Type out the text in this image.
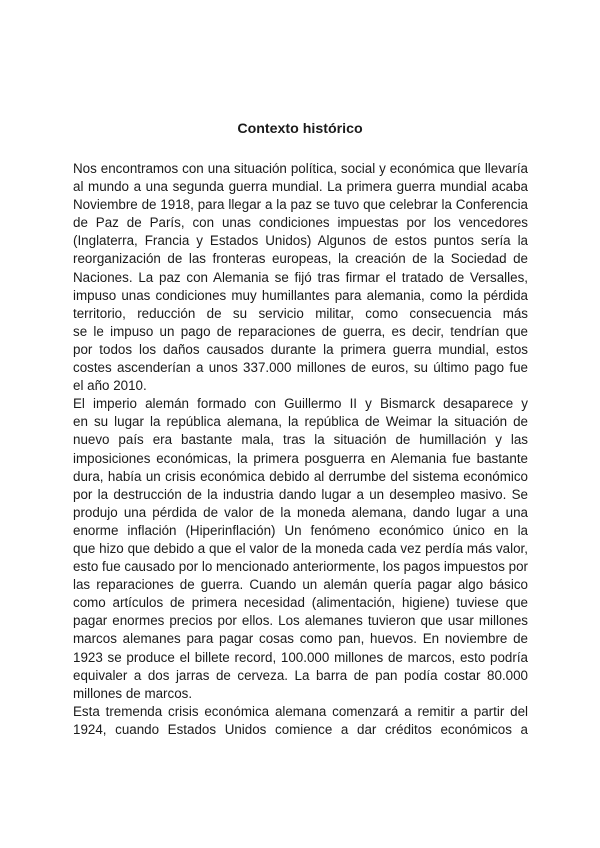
Contexto histórico
Nos encontramos con una situación política, social y económica que llevaría
al mundo a una segunda guerra mundial. La primera guerra mundial acaba
Noviembre de 1918, para llegar a la paz se tuvo que celebrar la Conferencia
de Paz de París, con unas condiciones impuestas por los vencedores
(Inglaterra, Francia y Estados Unidos) Algunos de estos puntos sería la
reorganización de las fronteras europeas, la creación de la Sociedad de
Naciones. La paz con Alemania se fijó tras firmar el tratado de Versalles,
impuso unas condiciones muy humillantes para alemania, como la pérdida
territorio, reducción de su servicio militar, como consecuencia más
se le impuso un pago de reparaciones de guerra, es decir, tendrían que
por todos los daños causados durante la primera guerra mundial, estos
costes ascenderían a unos 337.000 millones de euros, su último pago fue
el año 2010.
El imperio alemán formado con Guillermo II y Bismarck desaparece y
en su lugar la república alemana, la república de Weimar la situación de
nuevo país era bastante mala, tras la situación de humillación y las
imposiciones económicas, la primera posguerra en Alemania fue bastante
dura, había un crisis económica debido al derrumbe del sistema económico
por la destrucción de la industria dando lugar a un desempleo masivo. Se
produjo una pérdida de valor de la moneda alemana, dando lugar a una
enorme inflación (Hiperinflación) Un fenómeno económico único en la
que hizo que debido a que el valor de la moneda cada vez perdía más valor,
esto fue causado por lo mencionado anteriormente, los pagos impuestos por
las reparaciones de guerra. Cuando un alemán quería pagar algo básico
como artículos de primera necesidad (alimentación, higiene) tuviese que
pagar enormes precios por ellos. Los alemanes tuvieron que usar millones
marcos alemanes para pagar cosas como pan, huevos. En noviembre de
1923 se produce el billete record, 100.000 millones de marcos, esto podría
equivaler a dos jarras de cerveza. La barra de pan podía costar 80.000
millones de marcos.
Esta tremenda crisis económica alemana comenzará a remitir a partir del
1924, cuando Estados Unidos comience a dar créditos económicos a
